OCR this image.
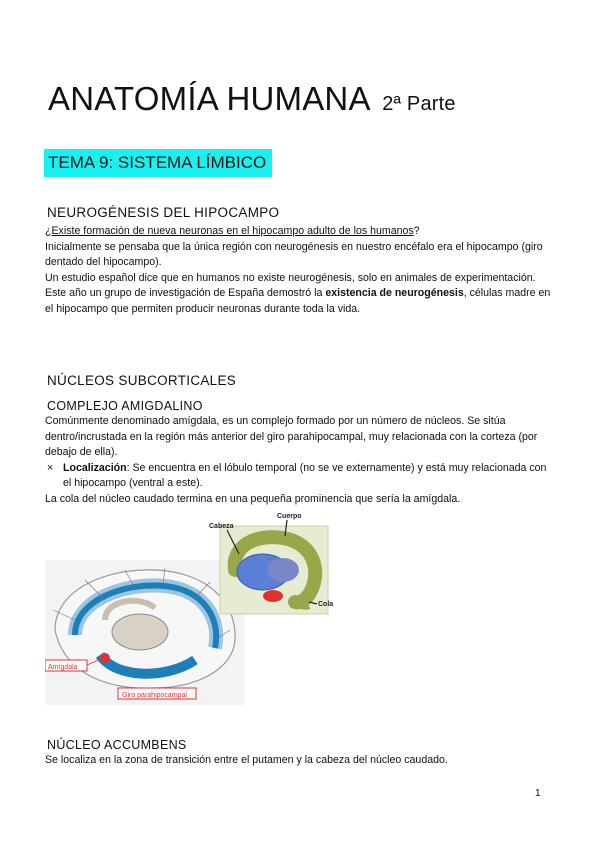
ANATOMÍA HUMANA 2ª Parte
TEMA 9: SISTEMA LÍMBICO
NEUROGÉNESIS DEL HIPOCAMPO

¿Existe formación de nueva neuronas en el hipocampo adulto de los humanos?

Inicialmente se pensaba que la única región con neurogénesis en nuestro encéfalo era el hipocampo (giro dentado del hipocampo).

Un estudio español dice que en humanos no existe neurogénesis, solo en animales de experimentación.

Este año un grupo de investigación de España demostró la existencia de neurogénesis, células madre en el hipocampo que permiten producir neuronas durante toda la vida.

NÚCLEOS SUBCORTICALES
COMPLEJO AMIGDALINO

Comúnmente denominado amígdala, es un complejo formado por un número de núcleos. Se sitúa dentro/incrustada en la región más anterior del giro parahipocampal, muy relacionada con la corteza (por debajo de ella).

× Localización: Se encuentra en el lóbulo temporal (no se ve externamente) y está muy relacionada con el hipocampo (ventral a este).

La cola del núcleo caudado termina en una pequeña prominencia que sería la amígdala.

Amígdala
Giro parahipocampal
Cabeza
Cuerpo
Cola
NÚCLEO ACCUMBENS
Se localiza en la zona de transición entre el putamen y la cabeza del núcleo caudado.
1
